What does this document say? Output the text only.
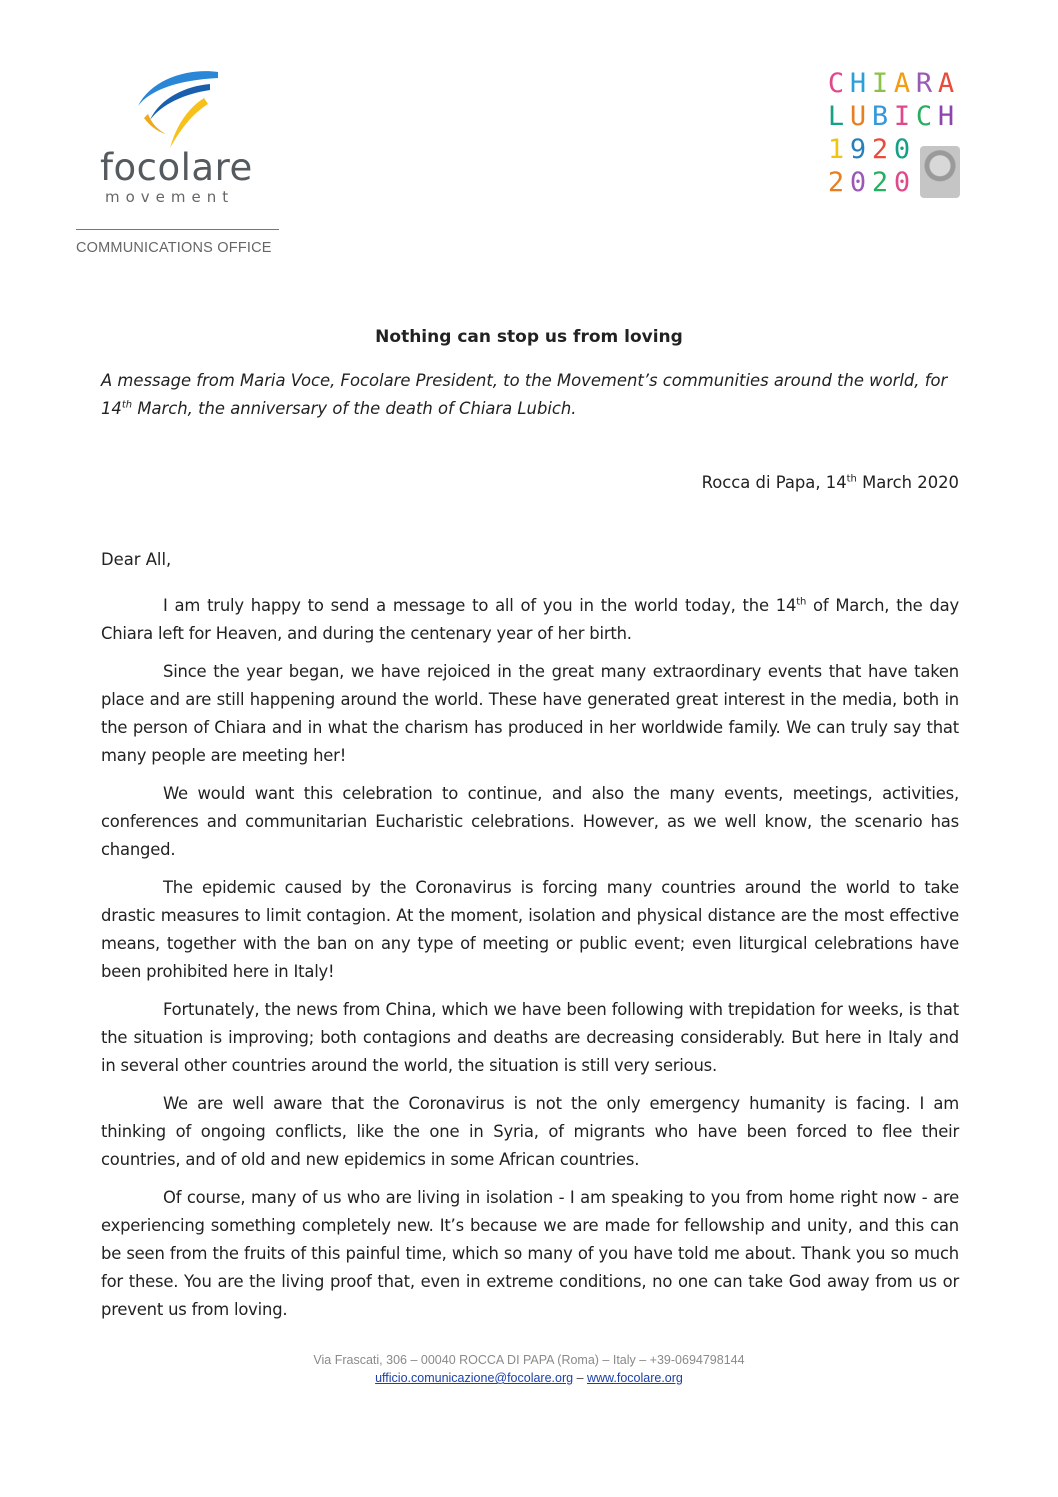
focolare
movement
COMMUNICATIONS OFFICE
C H I A R A
L U B I C H
1 9 2 0
2 0 2 0
Nothing can stop us from loving
A message from Maria Voce, Focolare President, to the Movement’s communities around the world, for 14th March, the anniversary of the death of Chiara Lubich.
Rocca di Papa, 14th March 2020
Dear All,

I am truly happy to send a message to all of you in the world today, the 14th of March, the day Chiara left for Heaven, and during the centenary year of her birth.

Since the year began, we have rejoiced in the great many extraordinary events that have taken place and are still happening around the world. These have generated great interest in the media, both in the person of Chiara and in what the charism has produced in her worldwide family. We can truly say that many people are meeting her!

We would want this celebration to continue, and also the many events, meetings, activities, conferences and communitarian Eucharistic celebrations. However, as we well know, the scenario has changed.

The epidemic caused by the Coronavirus is forcing many countries around the world to take drastic measures to limit contagion. At the moment, isolation and physical distance are the most effective means, together with the ban on any type of meeting or public event; even liturgical celebrations have been prohibited here in Italy!

Fortunately, the news from China, which we have been following with trepidation for weeks, is that the situation is improving; both contagions and deaths are decreasing considerably. But here in Italy and in several other countries around the world, the situation is still very serious.

We are well aware that the Coronavirus is not the only emergency humanity is facing. I am thinking of ongoing conflicts, like the one in Syria, of migrants who have been forced to flee their countries, and of old and new epidemics in some African countries.

Of course, many of us who are living in isolation - I am speaking to you from home right now - are experiencing something completely new. It’s because we are made for fellowship and unity, and this can be seen from the fruits of this painful time, which so many of you have told me about. Thank you so much for these. You are the living proof that, even in extreme conditions, no one can take God away from us or prevent us from loving.

Via Frascati, 306 – 00040 ROCCA DI PAPA (Roma) – Italy – +39-0694798144
ufficio.comunicazione@focolare.org – www.focolare.org
